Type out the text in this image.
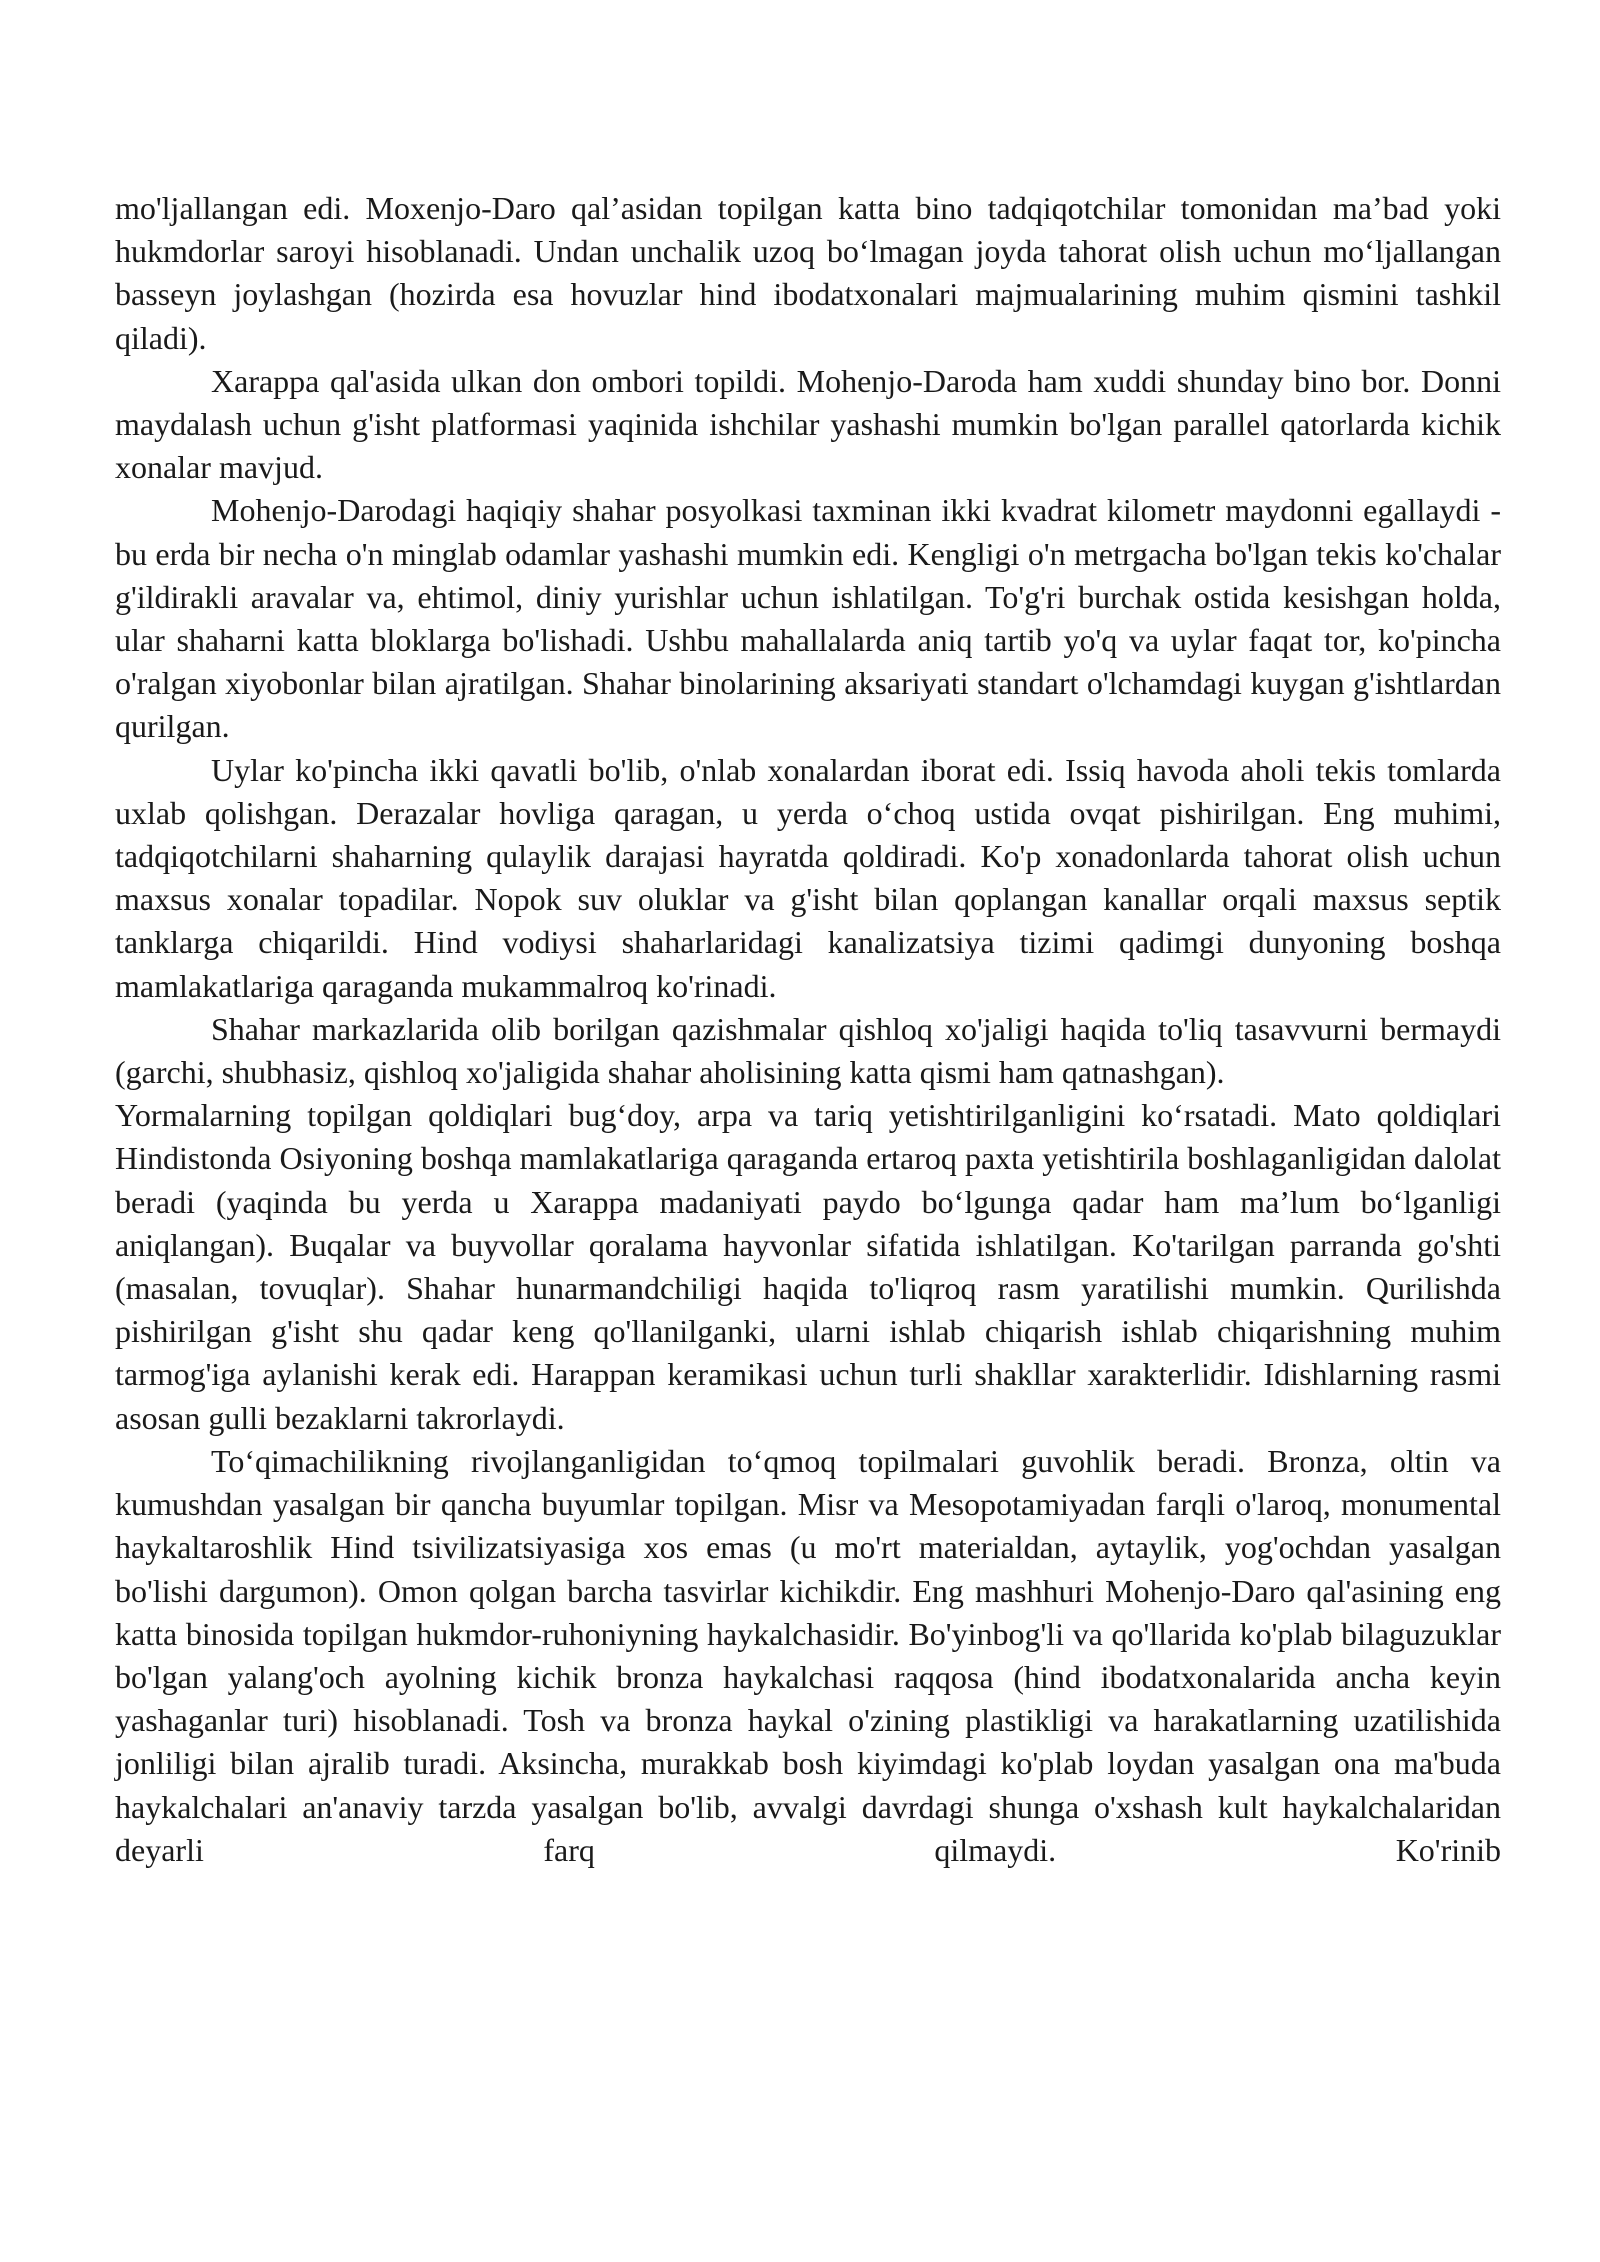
mo'ljallangan edi. Moxenjo-Daro qal’asidan topilgan katta bino tadqiqotchilar tomonidan ma’bad yoki hukmdorlar saroyi hisoblanadi. Undan unchalik uzoq bo‘lmagan joyda tahorat olish uchun mo‘ljallangan basseyn joylashgan (hozirda esa hovuzlar hind ibodatxonalari majmualarining muhim qismini tashkil qiladi).

Xarappa qal'asida ulkan don ombori topildi. Mohenjo-Daroda ham xuddi shunday bino bor. Donni maydalash uchun g'isht platformasi yaqinida ishchilar yashashi mumkin bo'lgan parallel qatorlarda kichik xonalar mavjud.

Mohenjo-Darodagi haqiqiy shahar posyolkasi taxminan ikki kvadrat kilometr maydonni egallaydi - bu erda bir necha o'n minglab odamlar yashashi mumkin edi. Kengligi o'n metrgacha bo'lgan tekis ko'chalar g'ildirakli aravalar va, ehtimol, diniy yurishlar uchun ishlatilgan. To'g'ri burchak ostida kesishgan holda, ular shaharni katta bloklarga bo'lishadi. Ushbu mahallalarda aniq tartib yo'q va uylar faqat tor, ko'pincha o'ralgan xiyobonlar bilan ajratilgan. Shahar binolarining aksariyati standart o'lchamdagi kuygan g'ishtlardan qurilgan.

Uylar ko'pincha ikki qavatli bo'lib, o'nlab xonalardan iborat edi. Issiq havoda aholi tekis tomlarda uxlab qolishgan. Derazalar hovliga qaragan, u yerda o‘choq ustida ovqat pishirilgan. Eng muhimi, tadqiqotchilarni shaharning qulaylik darajasi hayratda qoldiradi. Ko'p xonadonlarda tahorat olish uchun maxsus xonalar topadilar. Nopok suv oluklar va g'isht bilan qoplangan kanallar orqali maxsus septik tanklarga chiqarildi. Hind vodiysi shaharlaridagi kanalizatsiya tizimi qadimgi dunyoning boshqa mamlakatlariga qaraganda mukammalroq ko'rinadi.

Shahar markazlarida olib borilgan qazishmalar qishloq xo'jaligi haqida to'liq tasavvurni bermaydi (garchi, shubhasiz, qishloq xo'jaligida shahar aholisining katta qismi ham qatnashgan).

Yormalarning topilgan qoldiqlari bug‘doy, arpa va tariq yetishtirilganligini ko‘rsatadi. Mato qoldiqlari Hindistonda Osiyoning boshqa mamlakatlariga qaraganda ertaroq paxta yetishtirila boshlaganligidan dalolat beradi (yaqinda bu yerda u Xarappa madaniyati paydo bo‘lgunga qadar ham ma’lum bo‘lganligi aniqlangan). Buqalar va buyvollar qoralama hayvonlar sifatida ishlatilgan. Ko'tarilgan parranda go'shti (masalan, tovuqlar). Shahar hunarmandchiligi haqida to'liqroq rasm yaratilishi mumkin. Qurilishda pishirilgan g'isht shu qadar keng qo'llanilganki, ularni ishlab chiqarish ishlab chiqarishning muhim tarmog'iga aylanishi kerak edi. Harappan keramikasi uchun turli shakllar xarakterlidir. Idishlarning rasmi asosan gulli bezaklarni takrorlaydi.

To‘qimachilikning rivojlanganligidan to‘qmoq topilmalari guvohlik beradi. Bronza, oltin va kumushdan yasalgan bir qancha buyumlar topilgan. Misr va Mesopotamiyadan farqli o'laroq, monumental haykaltaroshlik Hind tsivilizatsiyasiga xos emas (u mo'rt materialdan, aytaylik, yog'ochdan yasalgan bo'lishi dargumon). Omon qolgan barcha tasvirlar kichikdir. Eng mashhuri Mohenjo-Daro qal'asining eng katta binosida topilgan hukmdor-ruhoniyning haykalchasidir. Bo'yinbog'li va qo'llarida ko'plab bilaguzuklar bo'lgan yalang'och ayolning kichik bronza haykalchasi raqqosa (hind ibodatxonalarida ancha keyin yashaganlar turi) hisoblanadi. Tosh va bronza haykal o'zining plastikligi va harakatlarning uzatilishida jonliligi bilan ajralib turadi. Aksincha, murakkab bosh kiyimdagi ko'plab loydan yasalgan ona ma'buda haykalchalari an'anaviy tarzda yasalgan bo'lib, avvalgi davrdagi shunga o'xshash kult haykalchalaridan deyarli farq qilmaydi. Ko'rinib
